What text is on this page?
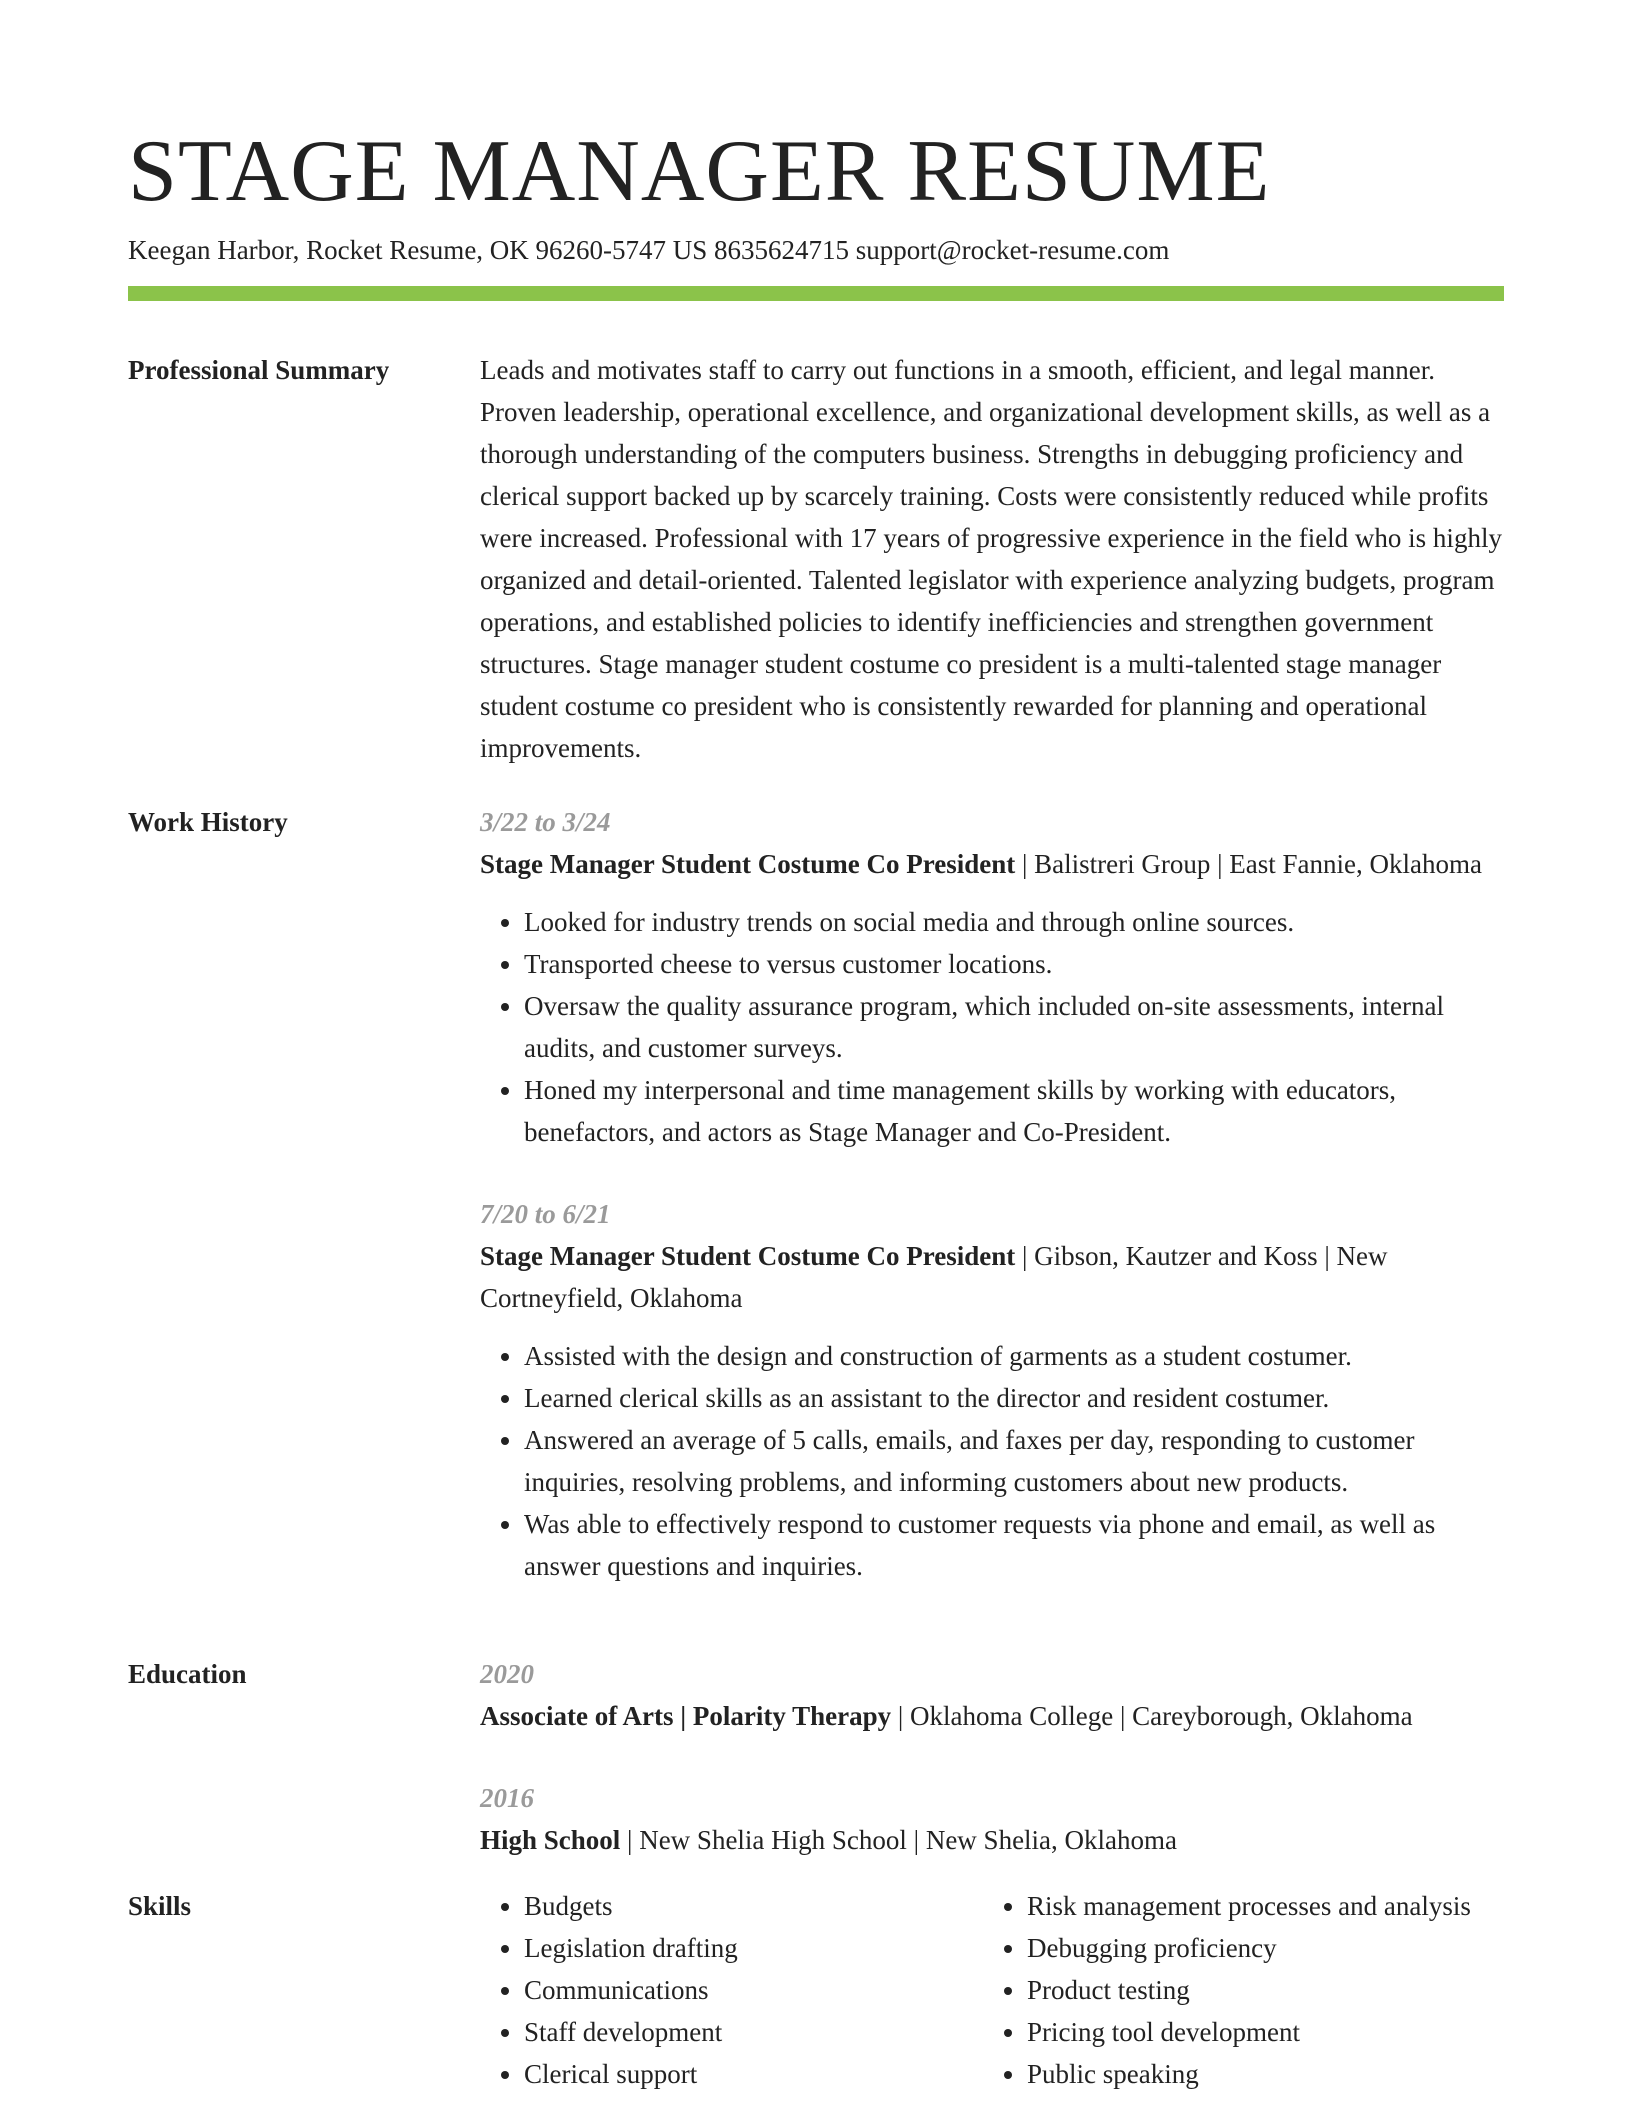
STAGE MANAGER RESUME
Keegan Harbor, Rocket Resume, OK 96260-5747 US 8635624715 support@rocket-resume.com
Professional Summary	Leads and motivates staff to carry out functions in a smooth, efficient, and legal manner. Proven leadership, operational excellence, and organizational development skills, as well as a thorough understanding of the computers business. Strengths in debugging proficiency and clerical support backed up by scarcely training. Costs were consistently reduced while profits were increased. Professional with 17 years of progressive experience in the field who is highly organized and detail-oriented. Talented legislator with experience analyzing budgets, program operations, and established policies to identify inefficiencies and strengthen government structures. Stage manager student costume co president is a multi-talented stage manager student costume co president who is consistently rewarded for planning and operational improvements.

Work History	3/22 to 3/24

Stage Manager Student Costume Co President | Balistreri Group | East Fannie, Oklahoma

• Looked for industry trends on social media and through online sources.
• Transported cheese to versus customer locations.
• Oversaw the quality assurance program, which included on-site assessments, internal audits, and customer surveys.
• Honed my interpersonal and time management skills by working with educators, benefactors, and actors as Stage Manager and Co-President.

7/20 to 6/21

Stage Manager Student Costume Co President | Gibson, Kautzer and Koss | New Cortneyfield, Oklahoma

• Assisted with the design and construction of garments as a student costumer.
• Learned clerical skills as an assistant to the director and resident costumer.
• Answered an average of 5 calls, emails, and faxes per day, responding to customer inquiries, resolving problems, and informing customers about new products.
• Was able to effectively respond to customer requests via phone and email, as well as answer questions and inquiries.
Education	2020

Associate of Arts | Polarity Therapy | Oklahoma College | Careyborough, Oklahoma

2016

High School | New Shelia High School | New Shelia, Oklahoma

Skills
•	Budgets
• Legislation drafting
• Communications
• Staff development
• Clerical support
• Risk management processes and analysis
• Debugging proficiency
• Product testing
• Pricing tool development
• Public speaking
